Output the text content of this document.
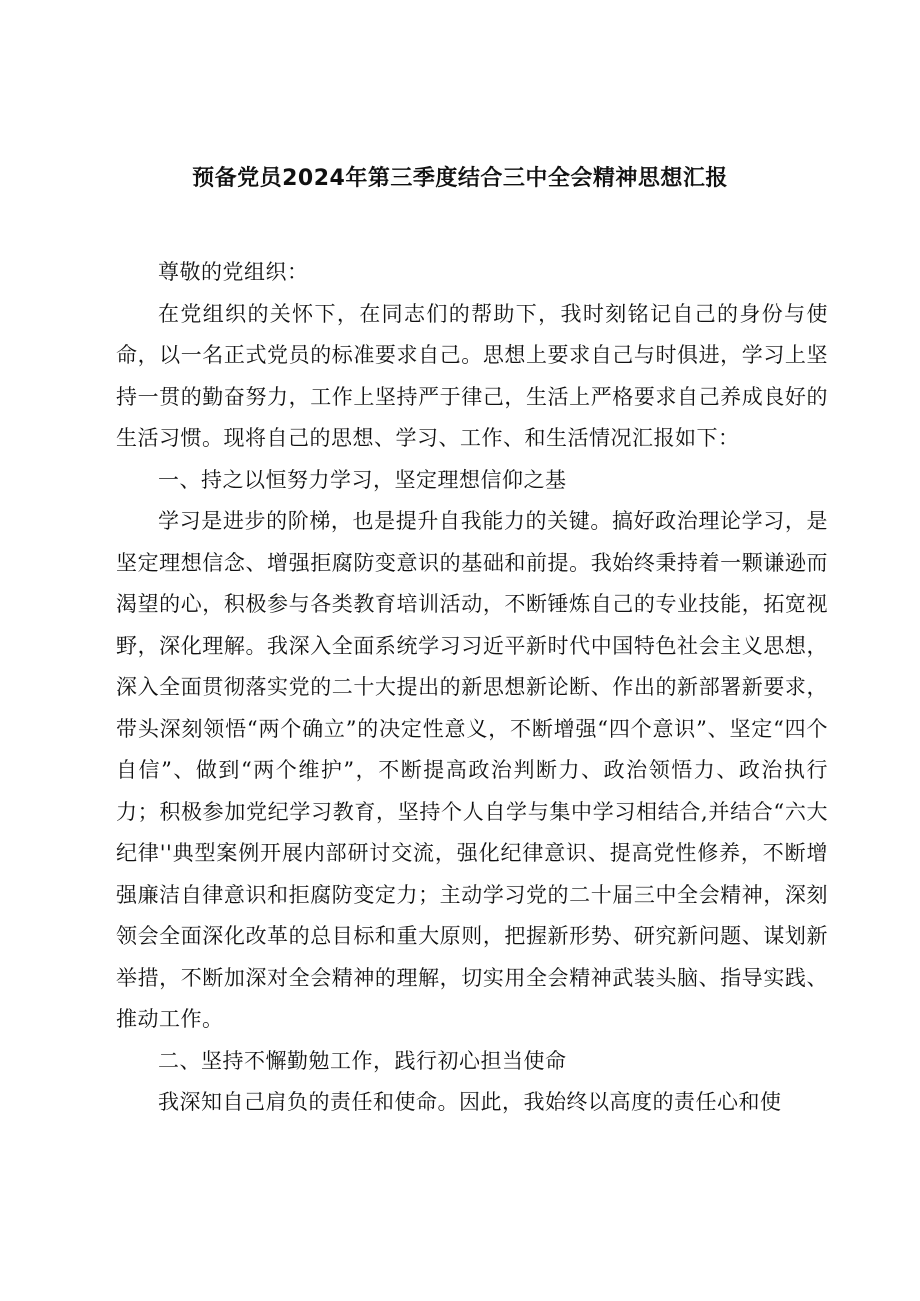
预备党员2024年第三季度结合三中全会精神思想汇报

尊敬的党组织：

在党组织的关怀下，在同志们的帮助下，我时刻铭记自己的身份与使命，以一名正式党员的标准要求自己。思想上要求自己与时俱进，学习上坚持一贯的勤奋努力，工作上坚持严于律己，生活上严格要求自己养成良好的生活习惯。现将自己的思想、学习、工作、和生活情况汇报如下：

一、持之以恒努力学习，坚定理想信仰之基

学习是进步的阶梯，也是提升自我能力的关键。搞好政治理论学习，是坚定理想信念、增强拒腐防变意识的基础和前提。我始终秉持着一颗谦逊而渴望的心，积极参与各类教育培训活动，不断锤炼自己的专业技能，拓宽视野，深化理解。我深入全面系统学习习近平新时代中国特色社会主义思想，深入全面贯彻落实党的二十大提出的新思想新论断、作出的新部署新要求，带头深刻领悟“两个确立”的决定性意义，不断增强“四个意识”、坚定“四个自信”、做到“两个维护”，不断提高政治判断力、政治领悟力、政治执行力；积极参加党纪学习教育，坚持个人自学与集中学习相结合,并结合“六大纪律''典型案例开展内部研讨交流，强化纪律意识、提高党性修养，不断增强廉洁自律意识和拒腐防变定力；主动学习党的二十届三中全会精神，深刻领会全面深化改革的总目标和重大原则，把握新形势、研究新问题、谋划新举措，不断加深对全会精神的理解，切实用全会精神武装头脑、指导实践、推动工作。

二、坚持不懈勤勉工作，践行初心担当使命

我深知自己肩负的责任和使命。因此，我始终以高度的责任心和使
